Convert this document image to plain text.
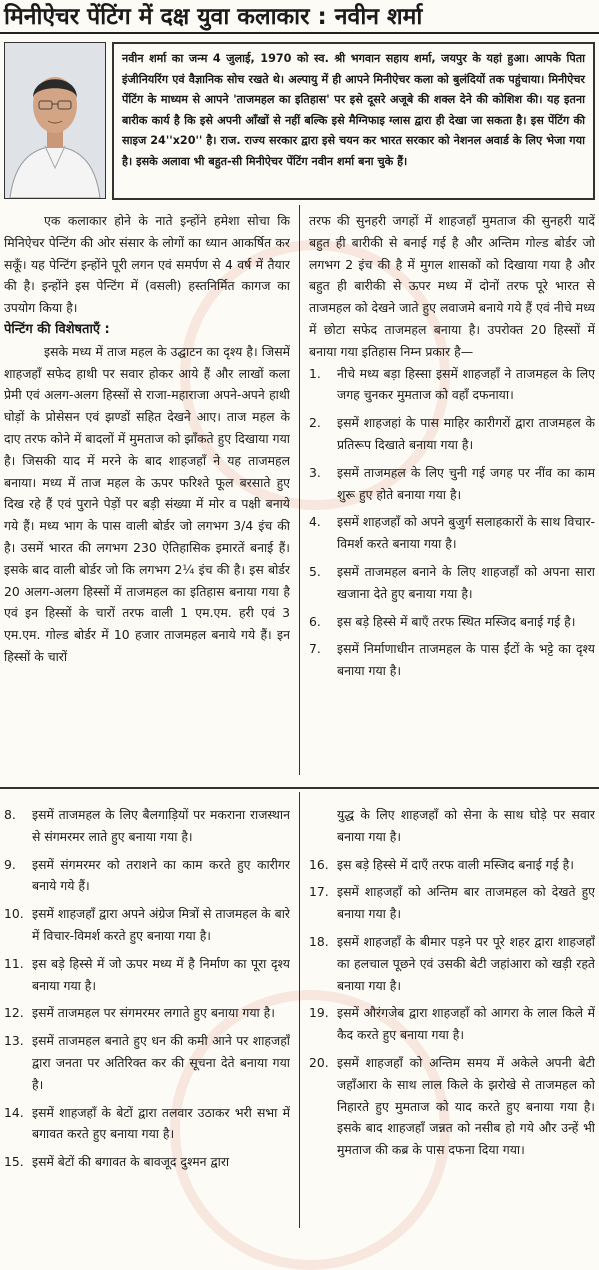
मिनीऐचर पेंटिंग में दक्ष युवा कलाकार : नवीन शर्मा

नवीन शर्मा का जन्म 4 जुलाई, 1970 को स्व. श्री भगवान सहाय शर्मा, जयपुर के यहां हुआ। आपके पिता इंजीनियरिंग एवं वैज्ञानिक सोच रखते थे। अल्पायु में ही आपने मिनीऐचर कला को बुलंदियों तक पहुंचाया। मिनीऐचर पेंटिंग के माध्यम से आपने 'ताजमहल का इतिहास' पर इसे दूसरे अजूबे की शक्ल देने की कोशिश की। यह इतना बारीक कार्य है कि इसे अपनी आँखों से नहीं बल्कि इसे मैग्निफाइ ग्लास द्वारा ही देखा जा सकता है। इस पेंटिंग की साइज 24''x20'' है। राज. राज्य सरकार द्वारा इसे चयन कर भारत सरकार को नेशनल अवार्ड के लिए भेजा गया है। इसके अलावा भी बहुत-सी मिनीऐचर पेंटिंग नवीन शर्मा बना चुके हैं।

एक कलाकार होने के नाते इन्होंने हमेशा सोचा कि मिनिऐचर पेन्टिंग की ओर संसार के लोगों का ध्यान आकर्षित कर सकूँ। यह पेन्टिंग इन्होंने पूरी लगन एवं समर्पण से 4 वर्ष में तैयार की है। इन्होंने इस पेन्टिंग में (वसली) हस्तनिर्मित कागज का उपयोग किया है।

पेन्टिंग की विशेषताएँ :

इसके मध्य में ताज महल के उद्घाटन का दृश्य है। जिसमें शाहजहाँ सफेद हाथी पर सवार होकर आये हैं और लाखों कला प्रेमी एवं अलग-अलग हिस्सों से राजा-महाराजा अपने-अपने हाथी घोड़ों के प्रोसेसन एवं झण्डों सहित देखने आए। ताज महल के दाए तरफ कोने में बादलों में मुमताज को झाँकते हुए दिखाया गया है। जिसकी याद में मरने के बाद शाहजहाँ ने यह ताजमहल बनाया। मध्य में ताज महल के ऊपर फरिश्ते फूल बरसाते हुए दिख रहे हैं एवं पुराने पेड़ों पर बड़ी संख्या में मोर व पक्षी बनाये गये हैं। मध्य भाग के पास वाली बोर्डर जो लगभग 3/4 इंच की है। उसमें भारत की लगभग 230 ऐतिहासिक इमारतें बनाई हैं। इसके बाद वाली बोर्डर जो कि लगभग 2¼ इंच की है। इस बोर्डर 20 अलग-अलग हिस्सों में ताजमहल का इतिहास बनाया गया है एवं इन हिस्सों के चारों तरफ वाली 1 एम.एम. हरी एवं 3 एम.एम. गोल्ड बोर्डर में 10 हजार ताजमहल बनाये गये हैं। इन हिस्सों के चारों

तरफ की सुनहरी जगहों में शाहजहाँ मुमताज की सुनहरी यादें बहुत ही बारीकी से बनाई गई है और अन्तिम गोल्ड बोर्डर जो लगभग 2 इंच की है में मुगल शासकों को दिखाया गया है और बहुत ही बारीकी से ऊपर मध्य में दोनों तरफ पूरे भारत से ताजमहल को देखने जाते हुए लवाजमे बनाये गये हैं एवं नीचे मध्य में छोटा सफेद ताजमहल बनाया है। उपरोक्त 20 हिस्सों में बनाया गया इतिहास निम्न प्रकार है—

1.	नीचे मध्य बड़ा हिस्सा इसमें शाहजहाँ ने ताजमहल के लिए जगह चुनकर मुमताज को वहाँ दफनाया।
2.	इसमें शाहजहां के पास माहिर कारीगरों द्वारा ताजमहल के प्रतिरूप दिखाते बनाया गया है।
3.	इसमें ताजमहल के लिए चुनी गई जगह पर नींव का काम शुरू हुए होते बनाया गया है।
4.	इसमें शाहजहाँ को अपने बुजुर्ग सलाहकारों के साथ विचार-विमर्श करते बनाया गया है।
5.	इसमें ताजमहल बनाने के लिए शाहजहाँ को अपना सारा खजाना देते हुए बनाया गया है।
6.	इस बड़े हिस्से में बाएँ तरफ स्थित मस्जिद बनाई गई है।
7.	इसमें निर्माणाधीन ताजमहल के पास ईंटों के भट्टे का दृश्य बनाया गया है।
8.	इसमें ताजमहल के लिए बैलगाड़ियों पर मकराना राजस्थान से संगमरमर लाते हुए बनाया गया है।
9.	इसमें संगमरमर को तराशने का काम करते हुए कारीगर बनाये गये हैं।
10. इसमें शाहजहाँ द्वारा अपने अंग्रेज मित्रों से ताजमहल के बारे में विचार-विमर्श करते हुए बनाया गया है।
11. इस बड़े हिस्से में जो ऊपर मध्य में है निर्माण का पूरा दृश्य बनाया गया है।
12. इसमें ताजमहल पर संगमरमर लगाते हुए बनाया गया है।
13. इसमें ताजमहल बनाते हुए धन की कमी आने पर शाहजहाँ द्वारा जनता पर अतिरिक्त कर की सूचना देते बनाया गया है।
14. इसमें शाहजहाँ के बेटों द्वारा तलवार उठाकर भरी सभा में बगावत करते हुए बनाया गया है।
15. इसमें बेटों की बगावत के बावजूद दुश्मन द्वारा
युद्ध के लिए शाहजहाँ को सेना के साथ घोड़े पर सवार बनाया गया है।
16. इस बड़े हिस्से में दाएँ तरफ वाली मस्जिद बनाई गई है।
17. इसमें शाहजहाँ को अन्तिम बार ताजमहल को देखते हुए बनाया गया है।
18. इसमें शाहजहाँ के बीमार पड़ने पर पूरे शहर द्वारा शाहजहाँ का हलचाल पूछने एवं उसकी बेटी जहांआरा को खड़ी रहते बनाया गया है।
19. इसमें औरंगजेब द्वारा शाहजहाँ को आगरा के लाल किले में कैद करते हुए बनाया गया है।
20. इसमें शाहजहाँ को अन्तिम समय में अकेले अपनी बेटी जहाँआरा के साथ लाल किले के झरोखे से ताजमहल को निहारते हुए मुमताज को याद करते हुए बनाया गया है। इसके बाद शाहजहाँ जन्नत को नसीब हो गये और उन्हें भी मुमताज की कब्र के पास दफना दिया गया।
